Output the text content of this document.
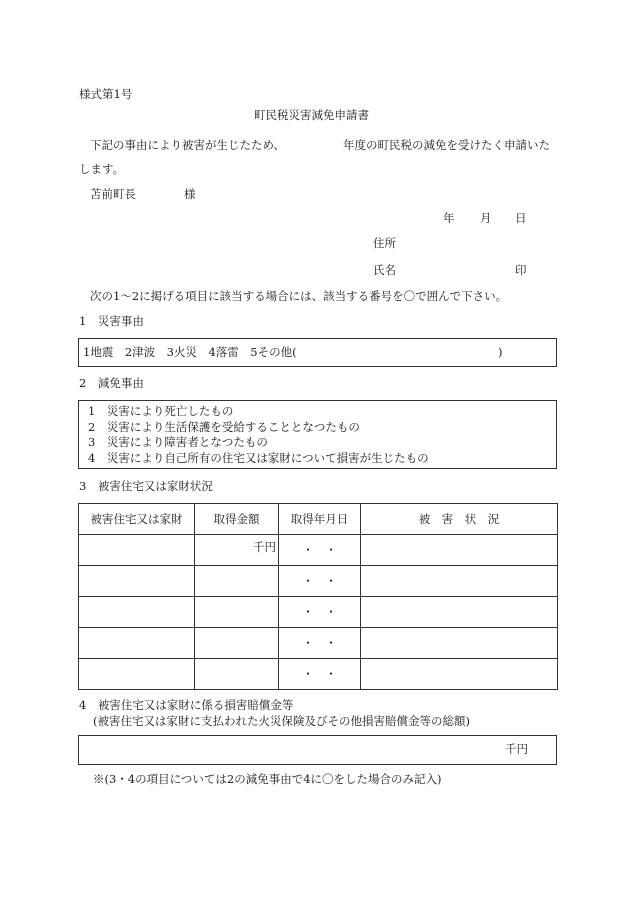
様式第1号
町民税災害減免申請書
下記の事由により被害が生じたため、	年度の町民税の減免を受けたく申請いた
します。
苫前町長	様
年 月 日
住所
氏名	印
次の1〜2に掲げる項目に該当する場合には、該当する番号を〇で囲んで下さい。
1　災害事由
1地震　2津波　3火災　4落雷　5その他(	)
2　減免事由
1　災害により死亡したもの
2　災害により生活保護を受給することとなつたもの
3　災害により障害者となつたもの
4　災害により自己所有の住宅又は家財について損害が生じたもの
3　被害住宅又は家財状況
被害住宅又は家財	取得金額	取得年月日	被　害　状　況
	千円	・　・	
		・　・	
		・　・	
		・　・	
		・　・	
4　被害住宅又は家財に係る損害賠償金等
(被害住宅又は家財に支払われた火災保険及びその他損害賠償金等の総額)
千円
※(3・4の項目については2の減免事由で4に〇をした場合のみ記入)
